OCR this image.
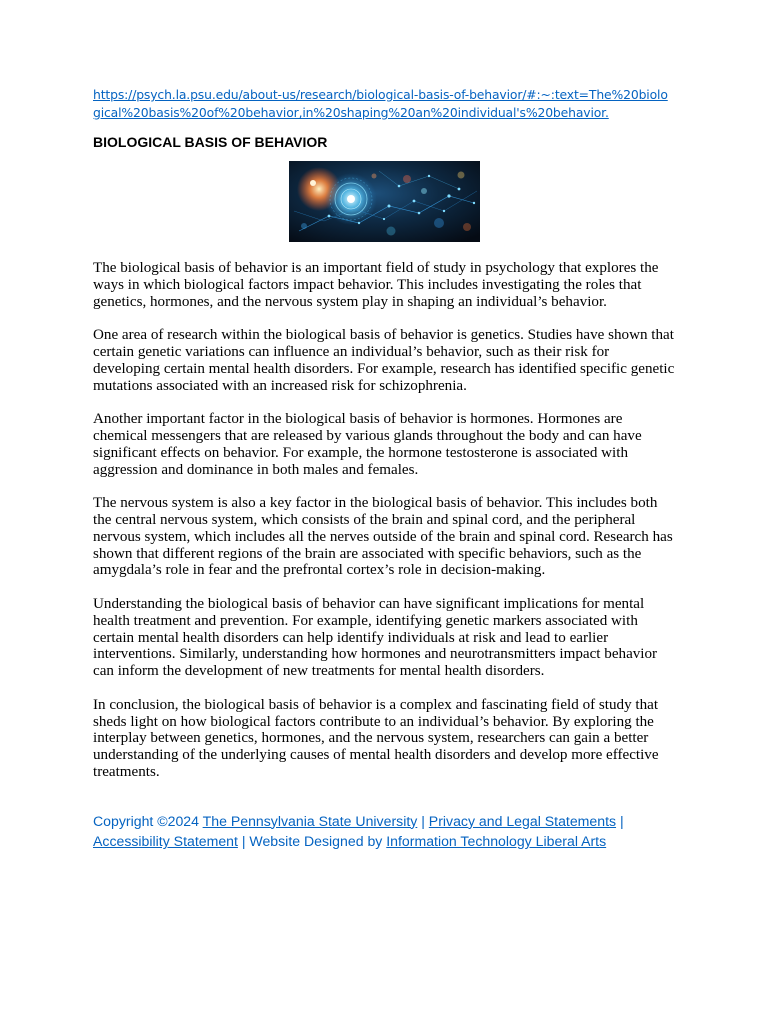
https://psych.la.psu.edu/about-us/research/biological-basis-of-behavior/#:~:text=The%20biological%20basis%20of%20behavior,in%20shaping%20an%20individual's%20behavior.
BIOLOGICAL BASIS OF BEHAVIOR

The biological basis of behavior is an important field of study in psychology that explores the ways in which biological factors impact behavior. This includes investigating the roles that genetics, hormones, and the nervous system play in shaping an individual’s behavior.

One area of research within the biological basis of behavior is genetics. Studies have shown that certain genetic variations can influence an individual’s behavior, such as their risk for developing certain mental health disorders. For example, research has identified specific genetic mutations associated with an increased risk for schizophrenia.

Another important factor in the biological basis of behavior is hormones. Hormones are chemical messengers that are released by various glands throughout the body and can have significant effects on behavior. For example, the hormone testosterone is associated with aggression and dominance in both males and females.

The nervous system is also a key factor in the biological basis of behavior. This includes both the central nervous system, which consists of the brain and spinal cord, and the peripheral nervous system, which includes all the nerves outside of the brain and spinal cord. Research has shown that different regions of the brain are associated with specific behaviors, such as the amygdala’s role in fear and the prefrontal cortex’s role in decision-making.

Understanding the biological basis of behavior can have significant implications for mental health treatment and prevention. For example, identifying genetic markers associated with certain mental health disorders can help identify individuals at risk and lead to earlier interventions. Similarly, understanding how hormones and neurotransmitters impact behavior can inform the development of new treatments for mental health disorders.

In conclusion, the biological basis of behavior is a complex and fascinating field of study that sheds light on how biological factors contribute to an individual’s behavior. By exploring the interplay between genetics, hormones, and the nervous system, researchers can gain a better understanding of the underlying causes of mental health disorders and develop more effective treatments.

Copyright ©2024 The Pennsylvania State University | Privacy and Legal Statements | Accessibility Statement | Website Designed by Information Technology Liberal Arts
